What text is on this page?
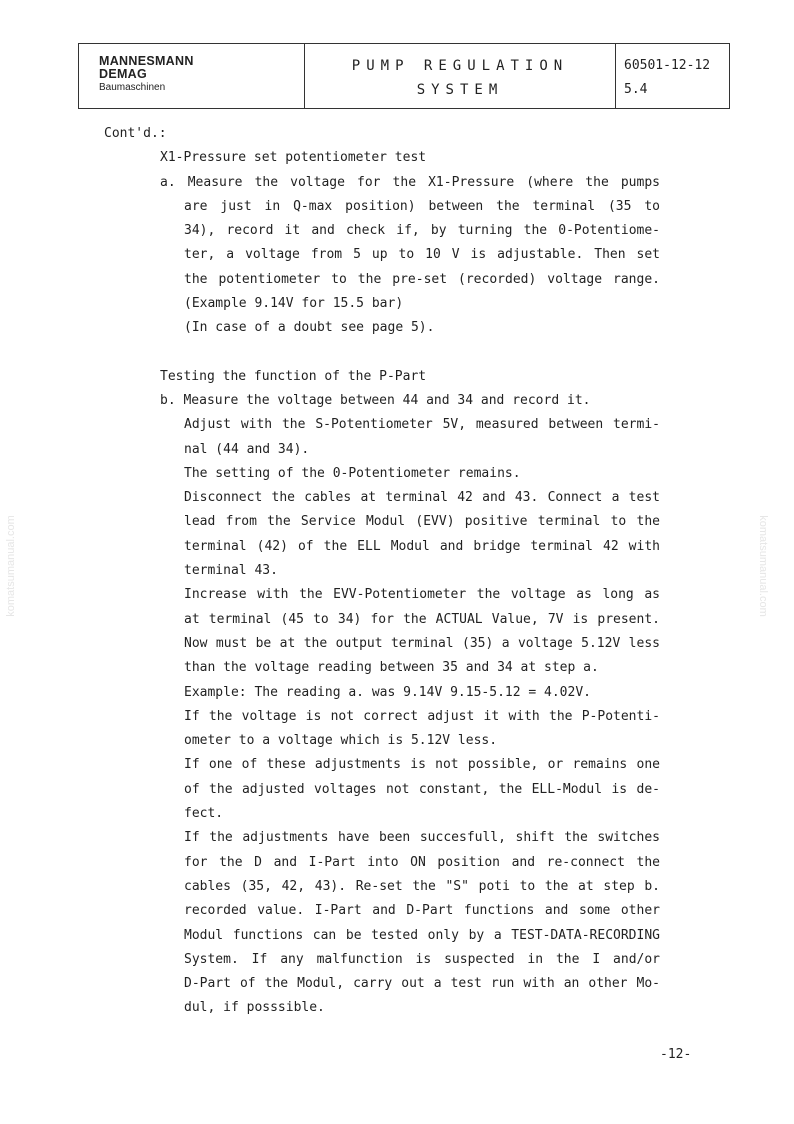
MANNESMANN
DEMAG
Baumaschinen
PUMP REGULATION
SYSTEM
60501-12-12
5.4
Cont'd.:
X1-Pressure set potentiometer test
a. Measure the voltage for the X1-Pressure (where the pumps
are just in Q-max position) between the terminal (35 to
34), record it and check if, by turning the 0-Potentiome-
ter, a voltage from 5 up to 10 V is adjustable. Then set
the potentiometer to the pre-set (recorded) voltage range.
(Example 9.14V for 15.5 bar)
(In case of a doubt see page 5).
Testing the function of the P-Part
b. Measure the voltage between 44 and 34 and record it.
Adjust with the S-Potentiometer 5V, measured between termi-
nal (44 and 34).
The setting of the 0-Potentiometer remains.
Disconnect the cables at terminal 42 and 43. Connect a test
lead from the Service Modul (EVV) positive terminal to the
terminal (42) of the ELL Modul and bridge terminal 42 with
terminal 43.
Increase with the EVV-Potentiometer the voltage as long as
at terminal (45 to 34) for the ACTUAL Value, 7V is present.
Now must be at the output terminal (35) a voltage 5.12V less
than the voltage reading between 35 and 34 at step a.
Example: The reading a. was 9.14V 9.15-5.12 = 4.02V.
If the voltage is not correct adjust it with the P-Potenti-
ometer to a voltage which is 5.12V less.
If one of these adjustments is not possible, or remains one
of the adjusted voltages not constant, the ELL-Modul is de-
fect.
If the adjustments have been succesfull, shift the switches
for the D and I-Part into ON position and re-connect the
cables (35, 42, 43). Re-set the "S" poti to the at step b.
recorded value. I-Part and D-Part functions and some other
Modul functions can be tested only by a TEST-DATA-RECORDING
System. If any malfunction is suspected in the I and/or
D-Part of the Modul, carry out a test run with an other Mo-
dul, if posssible.
-12-
komatsumanual.com	komatsumanual.com
